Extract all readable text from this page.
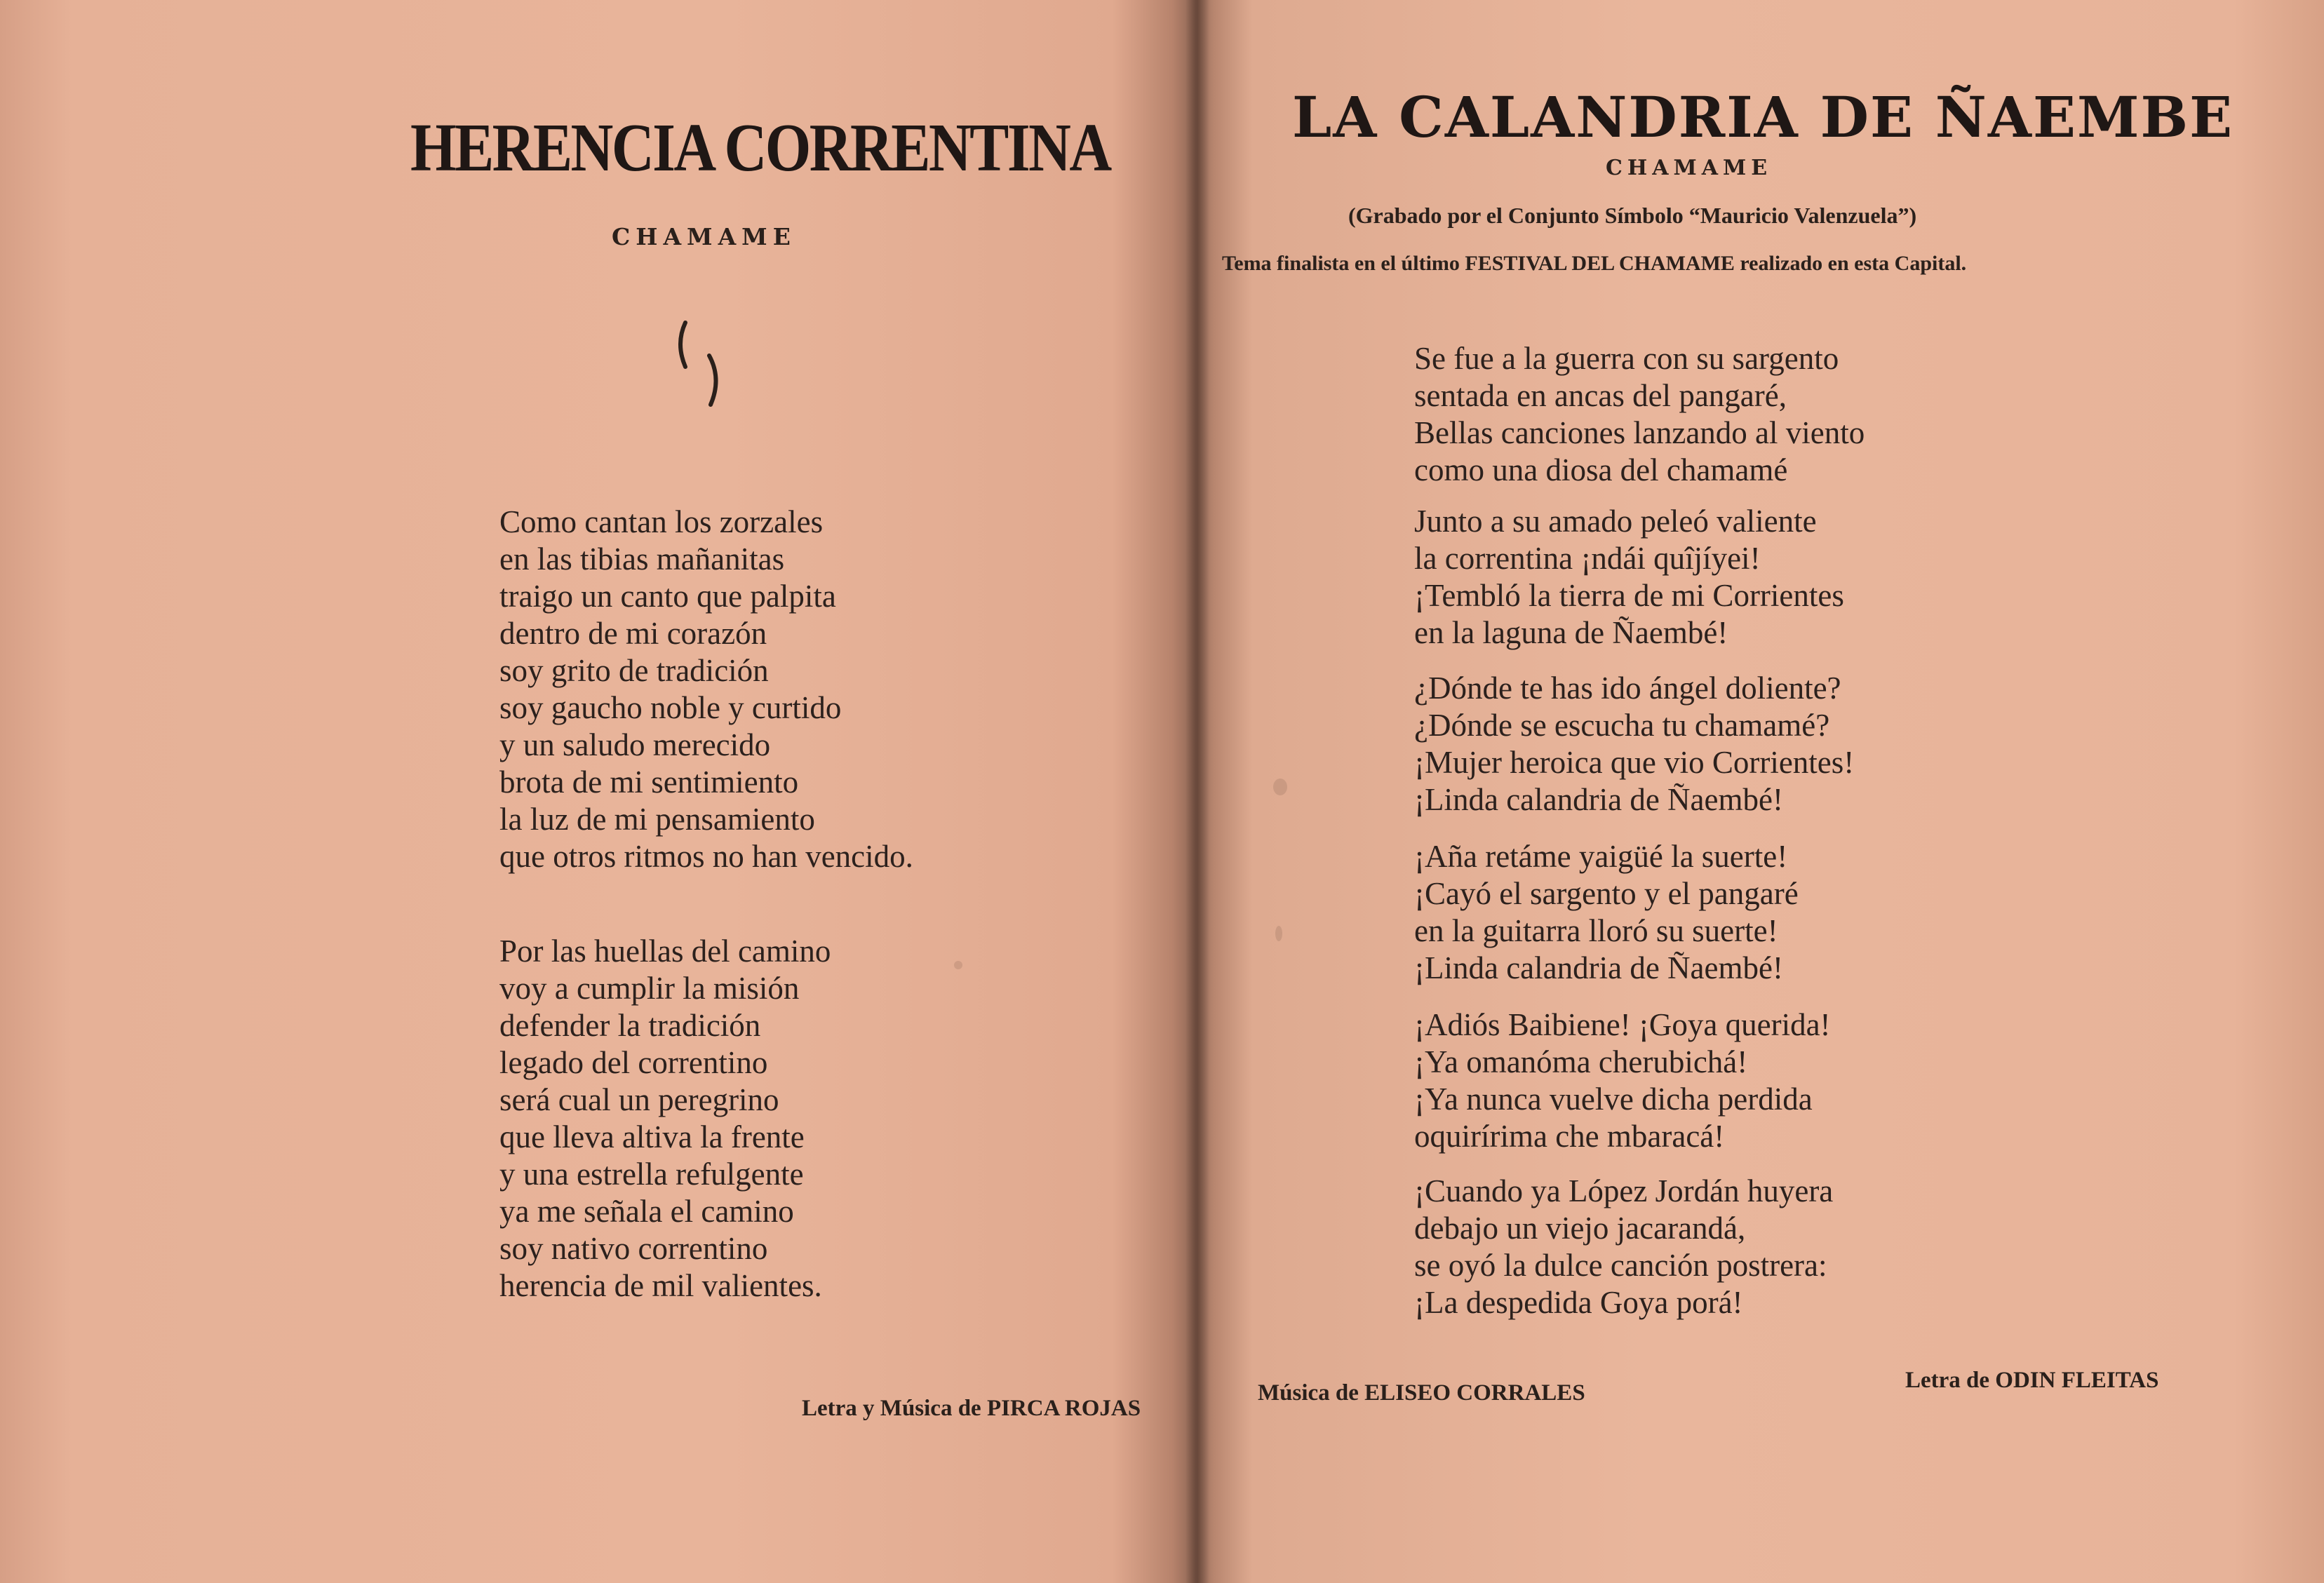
HERENCIA CORRENTINA
CHAMAME
Como cantan los zorzales
en las tibias mañanitas
traigo un canto que palpita
dentro de mi corazón
soy grito de tradición
soy gaucho noble y curtido
y un saludo merecido
brota de mi sentimiento
la luz de mi pensamiento
que otros ritmos no han vencido.
Por las huellas del camino
voy a cumplir la misión
defender la tradición
legado del correntino
será cual un peregrino
que lleva altiva la frente
y una estrella refulgente
ya me señala el camino
soy nativo correntino
herencia de mil valientes.
Letra y Música de PIRCA ROJAS
LA CALANDRIA DE ÑAEMBE
CHAMAME
(Grabado por el Conjunto Símbolo “Mauricio Valenzuela”)
Tema finalista en el último FESTIVAL DEL CHAMAME realizado en esta Capital.
Se fue a la guerra con su sargento
sentada en ancas del pangaré,
Bellas canciones lanzando al viento
como una diosa del chamamé
Junto a su amado peleó valiente
la correntina ¡ndái quîjíyei!
¡Tembló la tierra de mi Corrientes
en la laguna de Ñaembé!
¿Dónde te has ido ángel doliente?
¿Dónde se escucha tu chamamé?
¡Mujer heroica que vio Corrientes!
¡Linda calandria de Ñaembé!
¡Aña retáme yaigüé la suerte!
¡Cayó el sargento y el pangaré
en la guitarra lloró su suerte!
¡Linda calandria de Ñaembé!
¡Adiós Baibiene! ¡Goya querida!
¡Ya omanóma cherubichá!
¡Ya nunca vuelve dicha perdida
oquirírima che mbaracá!
¡Cuando ya López Jordán huyera
debajo un viejo jacarandá,
se oyó la dulce canción postrera:
¡La despedida Goya porá!
Música de ELISEO CORRALES	Letra de ODIN FLEITAS
